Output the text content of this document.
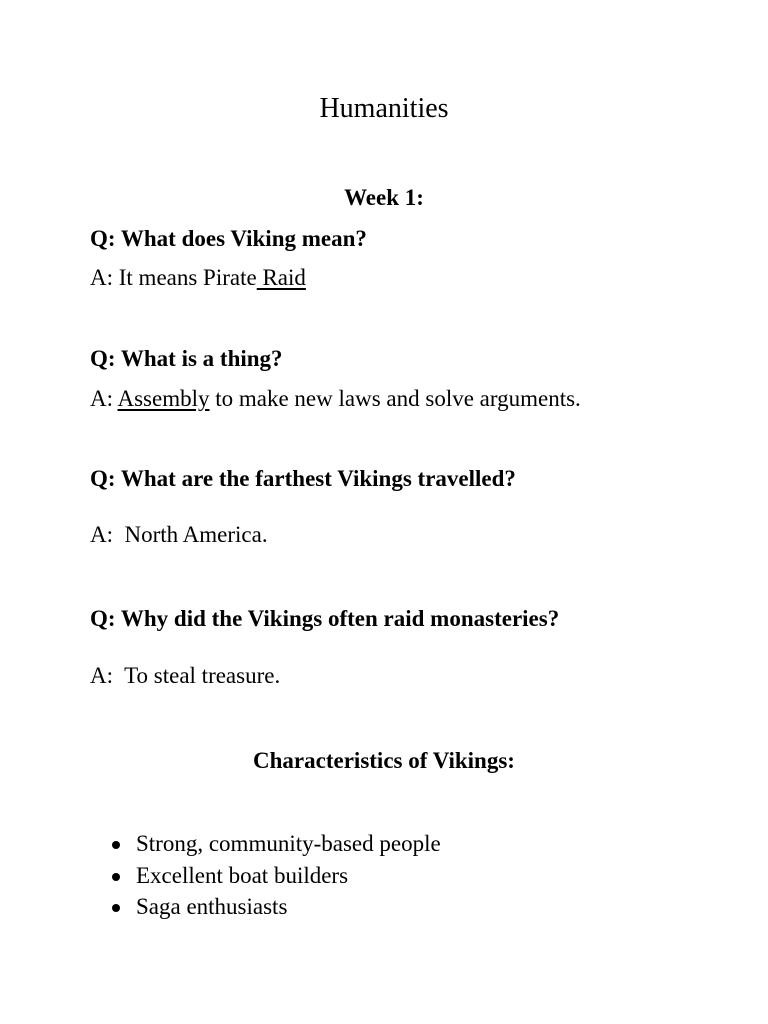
Humanities
Week 1:
Q: What does Viking mean?
A: It means Pirate Raid
Q: What is a thing?
A: Assembly to make new laws and solve arguments.
Q: What are the farthest Vikings travelled?
A:  North America.
Q: Why did the Vikings often raid monasteries?
A:  To steal treasure.
Characteristics of Vikings:
Strong, community-based people
Excellent boat builders
Saga enthusiasts
